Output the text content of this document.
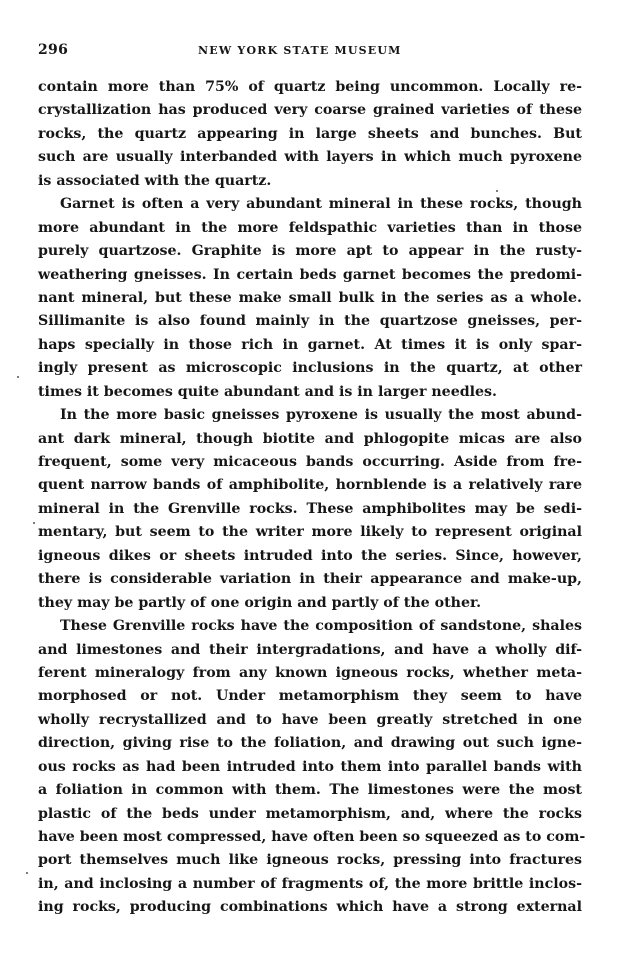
296	NEW YORK STATE MUSEUM
contain more than 75% of quartz being uncommon. Locally re-
crystallization has produced very coarse grained varieties of these
rocks, the quartz appearing in large sheets and bunches. But
such are usually interbanded with layers in which much pyroxene
is associated with the quartz.
Garnet is often a very abundant mineral in these rocks, though
more abundant in the more feldspathic varieties than in those
purely quartzose. Graphite is more apt to appear in the rusty-
weathering gneisses. In certain beds garnet becomes the predomi-
nant mineral, but these make small bulk in the series as a whole.
Sillimanite is also found mainly in the quartzose gneisses, per-
haps specially in those rich in garnet. At times it is only spar-
ingly present as microscopic inclusions in the quartz, at other
times it becomes quite abundant and is in larger needles.
In the more basic gneisses pyroxene is usually the most abund-
ant dark mineral, though biotite and phlogopite micas are also
frequent, some very micaceous bands occurring. Aside from fre-
quent narrow bands of amphibolite, hornblende is a relatively rare
mineral in the Grenville rocks. These amphibolites may be sedi-
mentary, but seem to the writer more likely to represent original
igneous dikes or sheets intruded into the series. Since, however,
there is considerable variation in their appearance and make-up,
they may be partly of one origin and partly of the other.
These Grenville rocks have the composition of sandstone, shales
and limestones and their intergradations, and have a wholly dif-
ferent mineralogy from any known igneous rocks, whether meta-
morphosed or not. Under metamorphism they seem to have
wholly recrystallized and to have been greatly stretched in one
direction, giving rise to the foliation, and drawing out such igne-
ous rocks as had been intruded into them into parallel bands with
a foliation in common with them. The limestones were the most
plastic of the beds under metamorphism, and, where the rocks
have been most compressed, have often been so squeezed as to com-
port themselves much like igneous rocks, pressing into fractures
in, and inclosing a number of fragments of, the more brittle inclos-
ing rocks, producing combinations which have a strong external
